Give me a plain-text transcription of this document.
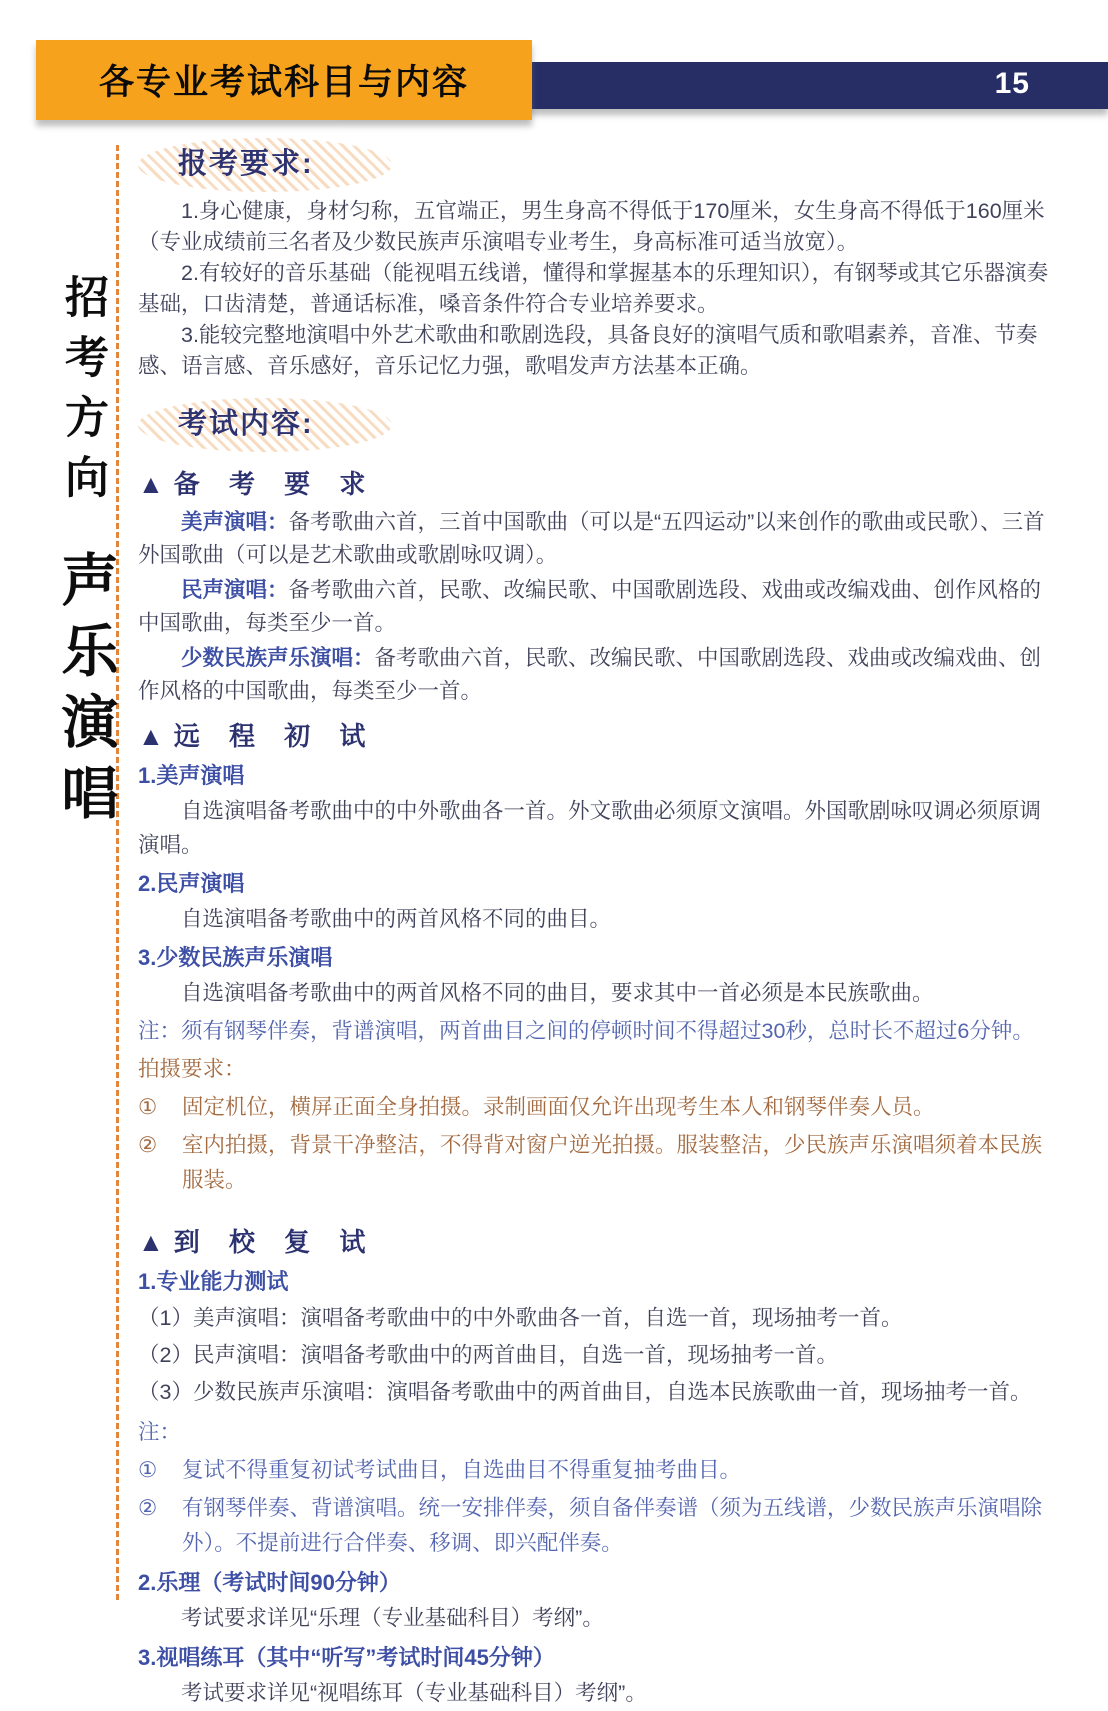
15
各专业考试科目与内容
招考方向
声乐演唱
报考要求:

1.身心健康，身材匀称，五官端正，男生身高不得低于170厘米，女生身高不得低于160厘米（专业成绩前三名者及少数民族声乐演唱专业考生，身高标准可适当放宽）。

2.有较好的音乐基础（能视唱五线谱，懂得和掌握基本的乐理知识），有钢琴或其它乐器演奏基础，口齿清楚，普通话标准，嗓音条件符合专业培养要求。

3.能较完整地演唱中外艺术歌曲和歌剧选段，具备良好的演唱气质和歌唱素养，音准、节奏感、语言感、音乐感好，音乐记忆力强，歌唱发声方法基本正确。

考试内容:
▲ 备 考 要 求

美声演唱：备考歌曲六首，三首中国歌曲（可以是“五四运动”以来创作的歌曲或民歌）、三首外国歌曲（可以是艺术歌曲或歌剧咏叹调）。

民声演唱：备考歌曲六首，民歌、改编民歌、中国歌剧选段、戏曲或改编戏曲、创作风格的中国歌曲，每类至少一首。

少数民族声乐演唱：备考歌曲六首，民歌、改编民歌、中国歌剧选段、戏曲或改编戏曲、创作风格的中国歌曲，每类至少一首。

▲ 远 程 初 试

1.美声演唱

自选演唱备考歌曲中的中外歌曲各一首。外文歌曲必须原文演唱。外国歌剧咏叹调必须原调演唱。

2.民声演唱

自选演唱备考歌曲中的两首风格不同的曲目。

3.少数民族声乐演唱

自选演唱备考歌曲中的两首风格不同的曲目，要求其中一首必须是本民族歌曲。

注：须有钢琴伴奏，背谱演唱，两首曲目之间的停顿时间不得超过30秒，总时长不超过6分钟。

拍摄要求：

①	固定机位，横屏正面全身拍摄。录制画面仅允许出现考生本人和钢琴伴奏人员。
②	室内拍摄，背景干净整洁，不得背对窗户逆光拍摄。服装整洁，少民族声乐演唱须着本民族服装。
▲ 到 校 复 试

1.专业能力测试

（1）美声演唱：演唱备考歌曲中的中外歌曲各一首，自选一首，现场抽考一首。

（2）民声演唱：演唱备考歌曲中的两首曲目，自选一首，现场抽考一首。

（3）少数民族声乐演唱：演唱备考歌曲中的两首曲目，自选本民族歌曲一首，现场抽考一首。

注：

①	复试不得重复初试考试曲目，自选曲目不得重复抽考曲目。
②	有钢琴伴奏、背谱演唱。统一安排伴奏，须自备伴奏谱（须为五线谱，少数民族声乐演唱除外）。不提前进行合伴奏、移调、即兴配伴奏。

2.乐理（考试时间90分钟）

考试要求详见“乐理（专业基础科目）考纲”。

3.视唱练耳（其中“听写”考试时间45分钟）

考试要求详见“视唱练耳（专业基础科目）考纲”。
